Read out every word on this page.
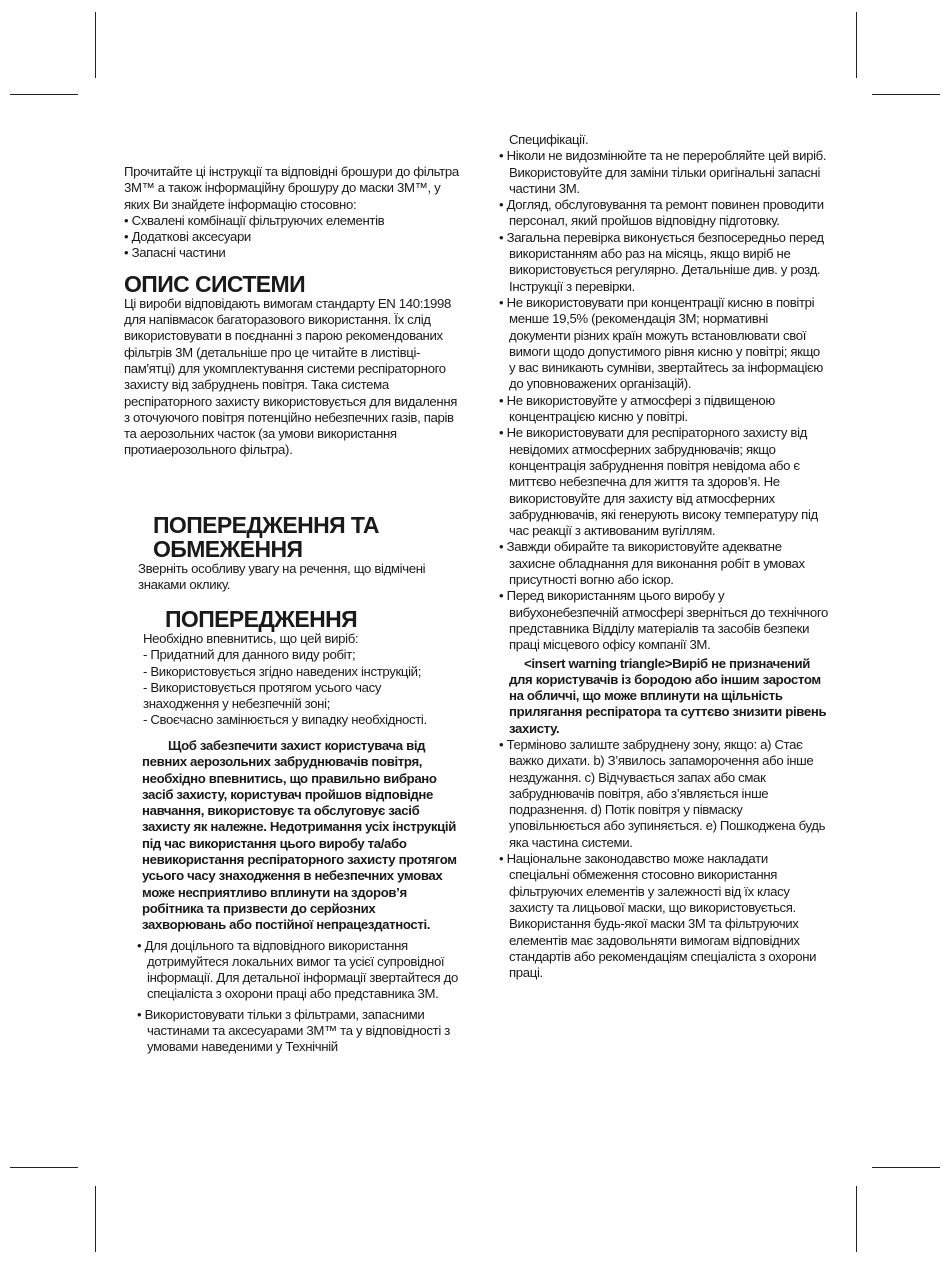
Прочитайте ці інструкції та відповідні брошури до фільтра 3M™ а також інформаційну брошуру до маски 3M™, у яких Ви знайдете інформацію стосовно:

• Схвалені комбінації фільтруючих елементів

• Додаткові аксесуари

• Запасні частини

ОПИС СИСТЕМИ

Ці вироби відповідають вимогам стандарту EN 140:1998 для напівмасок багаторазового використання. Їх слід використовувати в поєднанні з парою рекомендованих фільтрів 3M (детальніше про це читайте в листівці-пам'ятці) для укомплектування системи респіраторного захисту від забруднень повітря. Така система респіраторного захисту використовується для видалення з оточуючого повітря потенційно небезпечних газів, парів та аерозольних часток (за умови використання протиаерозольного фільтра).

ПОПЕРЕДЖЕННЯ ТА ОБМЕЖЕННЯ

Зверніть особливу увагу на речення, що відмічені знаками оклику.

ПОПЕРЕДЖЕННЯ

Необхідно впевнитись, що цей виріб:

- Придатний для данного виду робіт;

- Використовується згідно наведених інструкцій;

- Використовується протягом усього часу знаходження у небезпечній зоні;

- Своєчасно замінюється у випадку необхідності.

Щоб забезпечити захист користувача від певних аерозольних забруднювачів повітря, необхідно впевнитись, що правильно вибрано засіб захисту, користувач пройшов відповідне навчання, використовує та обслуговує засіб захисту як належне. Недотримання усіх інструкцій під час використання цього виробу та/або невикористання респіраторного захисту протягом усього часу знаходження в небезпечних умовах може несприятливо вплинути на здоров’я робітника та призвести до серйозних захворювань або постійної непрацездатності.

• Для доцільного та відповідного використання дотримуйтеся локальних вимог та усієї супровідної інформації. Для детальної інформації звертайтеся до спеціаліста з охорони праці або представника 3M.

• Використовувати тільки з фільтрами, запасними частинами та аксесуарами 3M™ та у відповідності з умовами наведеними у Технічній

Специфікації.

• Ніколи не видозмінюйте та не переробляйте цей виріб. Використовуйте для заміни тільки оригінальні запасні частини 3M.

• Догляд, обслуговування та ремонт повинен проводити персонал, який пройшов відповідну підготовку.

• Загальна перевірка виконується безпосередньо перед використанням або раз на місяць, якщо виріб не використовується регулярно. Детальніше див. у розд. Інструкції з перевірки.

• Не використовувати при концентрації кисню в повітрі менше 19,5% (рекомендація 3M; нормативні документи різних країн можуть встановлювати свої вимоги щодо допустимого рівня кисню у повітрі; якщо у вас виникають сумніви, звертайтесь за інформацією до уповноважених організацій).

• Не використовуйте у атмосфері з підвищеною концентрацією кисню у повітрі.

• Не використовувати для респіраторного захисту від невідомих атмосферних забруднювачів; якщо концентрація забруднення повітря невідома або є миттєво небезпечна для життя та здоров’я. Не використовуйте для захисту від атмосферних забруднювачів, які генерують високу температуру під час реакції з активованим вугіллям.

• Завжди обирайте та використовуйте адекватне захисне обладнання для виконання робіт в умовах присутності вогню або іскор.

• Перед використанням цього виробу у вибухонебезпечній атмосфері зверніться до технічного представника Відділу матеріалів та засобів безпеки праці місцевого офісу компанії 3M.

<insert warning triangle>Виріб не призначений для користувачів із бородою або іншим заростом на обличчі, що може вплинути на щільність прилягання респіратора та суттєво знизити рівень захисту.

• Терміново залиште забруднену зону, якщо: a) Стає важко дихати. b) З’явилось запаморочення або інше нездужання. c) Відчувається запах або смак забруднювачів повітря, або з’являється інше подразнення. d) Потік повітря у півмаску уповільнюється або зупиняється. e) Пошкоджена будь яка частина системи.

• Національне законодавство може накладати спеціальні обмеження стосовно використання фільтруючих елементів у залежності від їх класу захисту та лицьової маски, що використовується. Використання будь-якої маски 3M та фільтруючих елементів має задовольняти вимогам відповідних стандартів або рекомендаціям спеціаліста з охорони праці.
